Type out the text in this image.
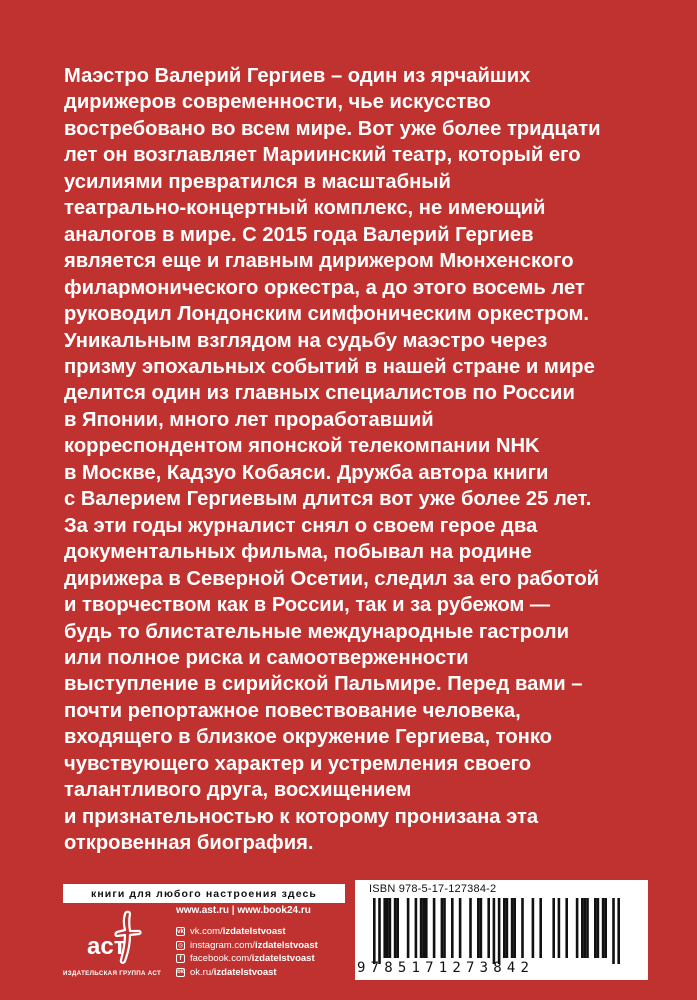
Маэстро Валерий Гергиев – один из ярчайших
дирижеров современности, чье искусство
востребовано во всем мире. Вот уже более тридцати
лет он возглавляет Мариинский театр, который его
усилиями превратился в масштабный
театрально-концертный комплекс, не имеющий
аналогов в мире. С 2015 года Валерий Гергиев
является еще и главным дирижером Мюнхенского
филармонического оркестра, а до этого восемь лет
руководил Лондонским симфоническим оркестром.
Уникальным взглядом на судьбу маэстро через
призму эпохальных событий в нашей стране и мире
делится один из главных специалистов по России
в Японии, много лет проработавший
корреспондентом японской телекомпании NHK
в Москве, Кадзуо Кобаяси. Дружба автора книги
с Валерием Гергиевым длится вот уже более 25 лет.
За эти годы журналист снял о своем герое два
документальных фильма, побывал на родине
дирижера в Северной Осетии, следил за его работой
и творчеством как в России, так и за рубежом —
будь то блистательные международные гастроли
или полное риска и самоотверженности
выступление в сирийской Пальмире. Перед вами –
почти репортажное повествование человека,
входящего в близкое окружение Гергиева, тонко
чувствующего характер и устремления своего
талантливого друга, восхищением
и признательностью к которому пронизана эта
откровенная биография.
книги для любого настроения здесь
аст
ИЗДАТЕЛЬСКАЯ ГРУППА АСТ
www.ast.ru | www.book24.ru
vk vk.com/ izdatelstvoast
◎ instagram.com/ izdatelstvoast
f facebook.com/ izdatelstvoast
ок ok.ru/ izdatelstvoast
ISBN 978-5-17-127384-2
9785171273842
